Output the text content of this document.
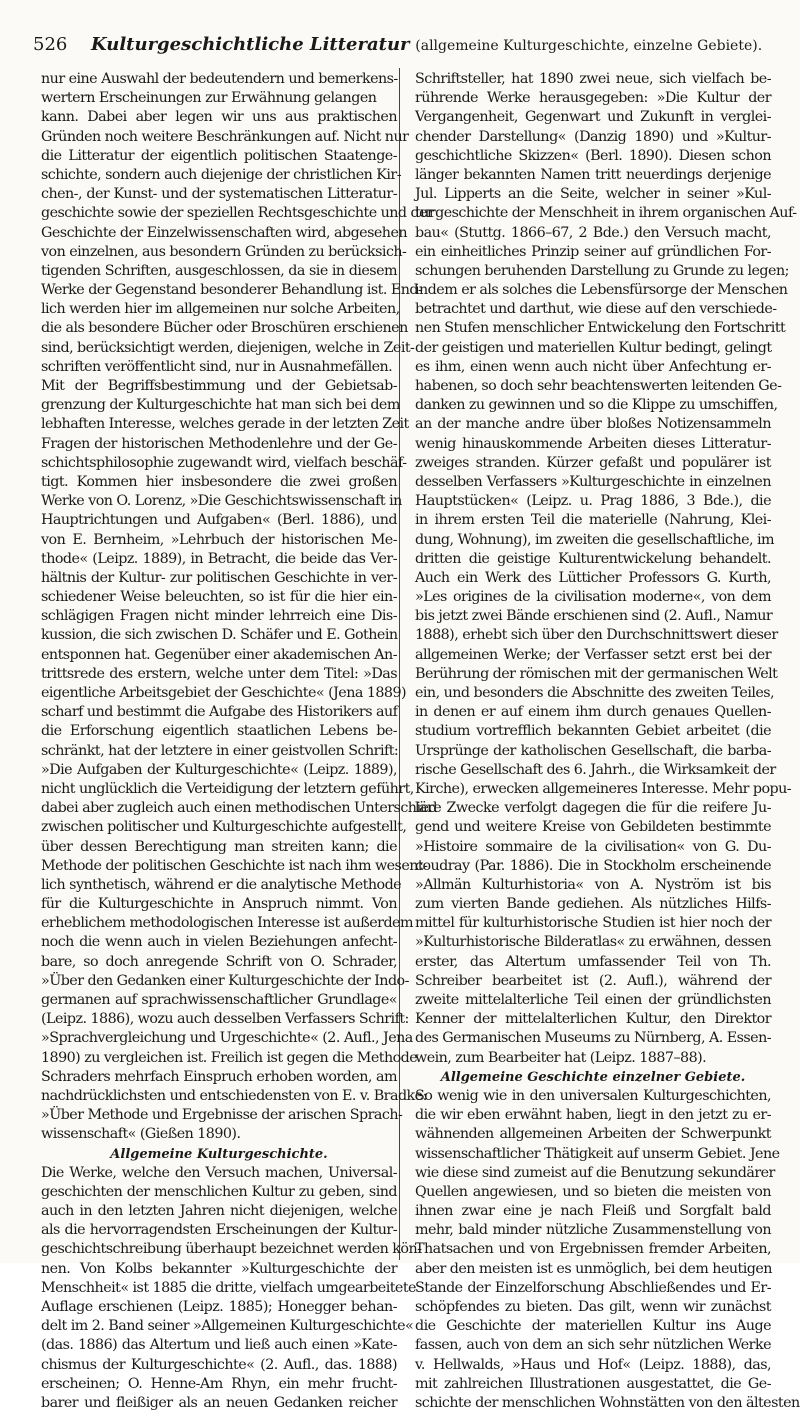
526 Kulturgeschichtliche Litteratur (allgemeine Kulturgeschichte, einzelne Gebiete).
nur eine Auswahl der bedeutendern und bemerkens-
wertern Erscheinungen zur Erwähnung gelangen
kann. Dabei aber legen wir uns aus praktischen
Gründen noch weitere Beschränkungen auf. Nicht nur
die Litteratur der eigentlich politischen Staatenge-
schichte, sondern auch diejenige der christlichen Kir-
chen-, der Kunst- und der systematischen Litteratur-
geschichte sowie der speziellen Rechtsgeschichte und der
Geschichte der Einzelwissenschaften wird, abgesehen
von einzelnen, aus besondern Gründen zu berücksich-
tigenden Schriften, ausgeschlossen, da sie in diesem
Werke der Gegenstand besonderer Behandlung ist. End-
lich werden hier im allgemeinen nur solche Arbeiten,
die als besondere Bücher oder Broschüren erschienen
sind, berücksichtigt werden, diejenigen, welche in Zeit-
schriften veröffentlicht sind, nur in Ausnahmefällen.
Mit der Begriffsbestimmung und der Gebietsab-
grenzung der Kulturgeschichte hat man sich bei dem
lebhaften Interesse, welches gerade in der letzten Zeit
Fragen der historischen Methodenlehre und der Ge-
schichtsphilosophie zugewandt wird, vielfach beschäf-
tigt. Kommen hier insbesondere die zwei großen
Werke von O. Lorenz, »Die Geschichtswissenschaft in
Hauptrichtungen und Aufgaben« (Berl. 1886), und
von E. Bernheim, »Lehrbuch der historischen Me-
thode« (Leipz. 1889), in Betracht, die beide das Ver-
hältnis der Kultur- zur politischen Geschichte in ver-
schiedener Weise beleuchten, so ist für die hier ein-
schlägigen Fragen nicht minder lehrreich eine Dis-
kussion, die sich zwischen D. Schäfer und E. Gothein
entsponnen hat. Gegenüber einer akademischen An-
trittsrede des erstern, welche unter dem Titel: »Das
eigentliche Arbeitsgebiet der Geschichte« (Jena 1889)
scharf und bestimmt die Aufgabe des Historikers auf
die Erforschung eigentlich staatlichen Lebens be-
schränkt, hat der letztere in einer geistvollen Schrift:
»Die Aufgaben der Kulturgeschichte« (Leipz. 1889),
nicht unglücklich die Verteidigung der letztern geführt,
dabei aber zugleich auch einen methodischen Unterschied
zwischen politischer und Kulturgeschichte aufgestellt,
über dessen Berechtigung man streiten kann; die
Methode der politischen Geschichte ist nach ihm wesent-
lich synthetisch, während er die analytische Methode
für die Kulturgeschichte in Anspruch nimmt. Von
erheblichem methodologischen Interesse ist außerdem
noch die wenn auch in vielen Beziehungen anfecht-
bare, so doch anregende Schrift von O. Schrader,
»Über den Gedanken einer Kulturgeschichte der Indo-
germanen auf sprachwissenschaftlicher Grundlage«
(Leipz. 1886), wozu auch desselben Verfassers Schrift:
»Sprachvergleichung und Urgeschichte« (2. Aufl., Jena
1890) zu vergleichen ist. Freilich ist gegen die Methode
Schraders mehrfach Einspruch erhoben worden, am
nachdrücklichsten und entschiedensten von E. v. Bradke:
»Über Methode und Ergebnisse der arischen Sprach-
wissenschaft« (Gießen 1890).
Allgemeine Kulturgeschichte.
Die Werke, welche den Versuch machen, Universal-
geschichten der menschlichen Kultur zu geben, sind
auch in den letzten Jahren nicht diejenigen, welche
als die hervorragendsten Erscheinungen der Kultur-
geschichtschreibung überhaupt bezeichnet werden kön-
nen. Von Kolbs bekannter »Kulturgeschichte der
Menschheit« ist 1885 die dritte, vielfach umgearbeitete
Auflage erschienen (Leipz. 1885); Honegger behan-
delt im 2. Band seiner »Allgemeinen Kulturgeschichte«
(das. 1886) das Altertum und ließ auch einen »Kate-
chismus der Kulturgeschichte« (2. Aufl., das. 1888)
erscheinen; O. Henne-Am Rhyn, ein mehr frucht-
barer und fleißiger als an neuen Gedanken reicher
Schriftsteller, hat 1890 zwei neue, sich vielfach be-
rührende Werke herausgegeben: »Die Kultur der
Vergangenheit, Gegenwart und Zukunft in verglei-
chender Darstellung« (Danzig 1890) und »Kultur-
geschichtliche Skizzen« (Berl. 1890). Diesen schon
länger bekannten Namen tritt neuerdings derjenige
Jul. Lipperts an die Seite, welcher in seiner »Kul-
turgeschichte der Menschheit in ihrem organischen Auf-
bau« (Stuttg. 1866–67, 2 Bde.) den Versuch macht,
ein einheitliches Prinzip seiner auf gründlichen For-
schungen beruhenden Darstellung zu Grunde zu legen;
indem er als solches die Lebensfürsorge der Menschen
betrachtet und darthut, wie diese auf den verschiede-
nen Stufen menschlicher Entwickelung den Fortschritt
der geistigen und materiellen Kultur bedingt, gelingt
es ihm, einen wenn auch nicht über Anfechtung er-
habenen, so doch sehr beachtenswerten leitenden Ge-
danken zu gewinnen und so die Klippe zu umschiffen,
an der manche andre über bloßes Notizensammeln
wenig hinauskommende Arbeiten dieses Litteratur-
zweiges stranden. Kürzer gefaßt und populärer ist
desselben Verfassers »Kulturgeschichte in einzelnen
Hauptstücken« (Leipz. u. Prag 1886, 3 Bde.), die
in ihrem ersten Teil die materielle (Nahrung, Klei-
dung, Wohnung), im zweiten die gesellschaftliche, im
dritten die geistige Kulturentwickelung behandelt.
Auch ein Werk des Lütticher Professors G. Kurth,
»Les origines de la civilisation moderne«, von dem
bis jetzt zwei Bände erschienen sind (2. Aufl., Namur
1888), erhebt sich über den Durchschnittswert dieser
allgemeinen Werke; der Verfasser setzt erst bei der
Berührung der römischen mit der germanischen Welt
ein, und besonders die Abschnitte des zweiten Teiles,
in denen er auf einem ihm durch genaues Quellen-
studium vortrefflich bekannten Gebiet arbeitet (die
Ursprünge der katholischen Gesellschaft, die barba-
rische Gesellschaft des 6. Jahrh., die Wirksamkeit der
Kirche), erwecken allgemeineres Interesse. Mehr popu-
läre Zwecke verfolgt dagegen die für die reifere Ju-
gend und weitere Kreise von Gebildeten bestimmte
»Histoire sommaire de la civilisation« von G. Du-
coudray (Par. 1886). Die in Stockholm erscheinende
»Allmän Kulturhistoria« von A. Nyström ist bis
zum vierten Bande gediehen. Als nützliches Hilfs-
mittel für kulturhistorische Studien ist hier noch der
»Kulturhistorische Bilderatlas« zu erwähnen, dessen
erster, das Altertum umfassender Teil von Th.
Schreiber bearbeitet ist (2. Aufl.), während der
zweite mittelalterliche Teil einen der gründlichsten
Kenner der mittelalterlichen Kultur, den Direktor
des Germanischen Museums zu Nürnberg, A. Essen-
wein, zum Bearbeiter hat (Leipz. 1887–88).
Allgemeine Geschichte einzelner Gebiete.
So wenig wie in den universalen Kulturgeschichten,
die wir eben erwähnt haben, liegt in den jetzt zu er-
wähnenden allgemeinen Arbeiten der Schwerpunkt
wissenschaftlicher Thätigkeit auf unserm Gebiet. Jene
wie diese sind zumeist auf die Benutzung sekundärer
Quellen angewiesen, und so bieten die meisten von
ihnen zwar eine je nach Fleiß und Sorgfalt bald
mehr, bald minder nützliche Zusammenstellung von
Thatsachen und von Ergebnissen fremder Arbeiten,
aber den meisten ist es unmöglich, bei dem heutigen
Stande der Einzelforschung Abschließendes und Er-
schöpfendes zu bieten. Das gilt, wenn wir zunächst
die Geschichte der materiellen Kultur ins Auge
fassen, auch von dem an sich sehr nützlichen Werke
v. Hellwalds, »Haus und Hof« (Leipz. 1888), das,
mit zahlreichen Illustrationen ausgestattet, die Ge-
schichte der menschlichen Wohnstätten von den ältesten
